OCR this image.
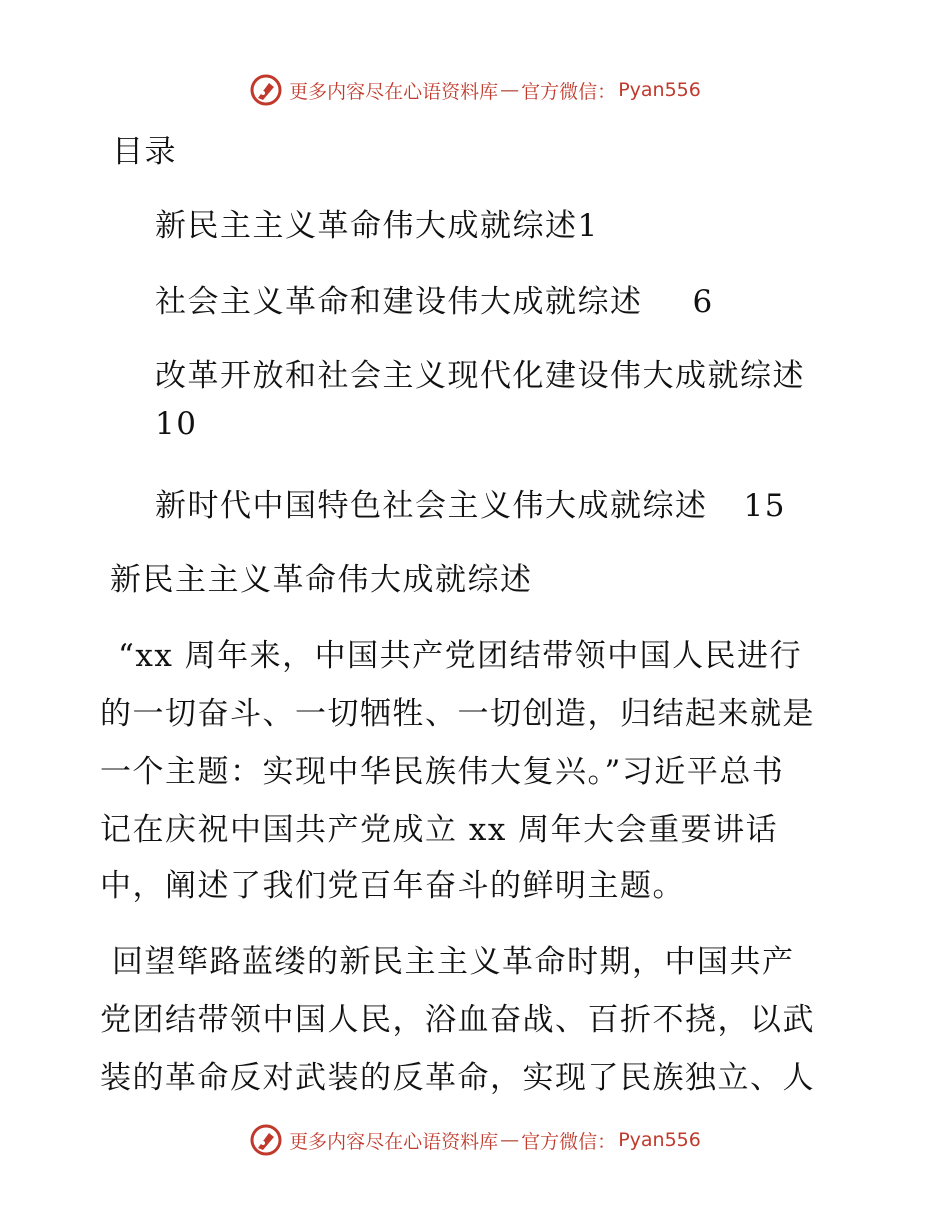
更多内容尽在心语资料库 — 官方微信： Pyan556
目录
新民主主义革命伟大成就综述1
社会主义革命和建设伟大成就综述 6
改革开放和社会主义现代化建设伟大成就综述
10
新时代中国特色社会主义伟大成就综述 15
新民主主义革命伟大成就综述
“xx 周年来，中国共产党团结带领中国人民进行
的一切奋斗、一切牺牲、一切创造，归结起来就是
一个主题：实现中华民族伟大复兴。”习近平总书
记在庆祝中国共产党成立 xx 周年大会重要讲话
中，阐述了我们党百年奋斗的鲜明主题。
回望筚路蓝缕的新民主主义革命时期，中国共产
党团结带领中国人民，浴血奋战、百折不挠，以武
装的革命反对武装的反革命，实现了民族独立、人
更多内容尽在心语资料库 — 官方微信： Pyan556
